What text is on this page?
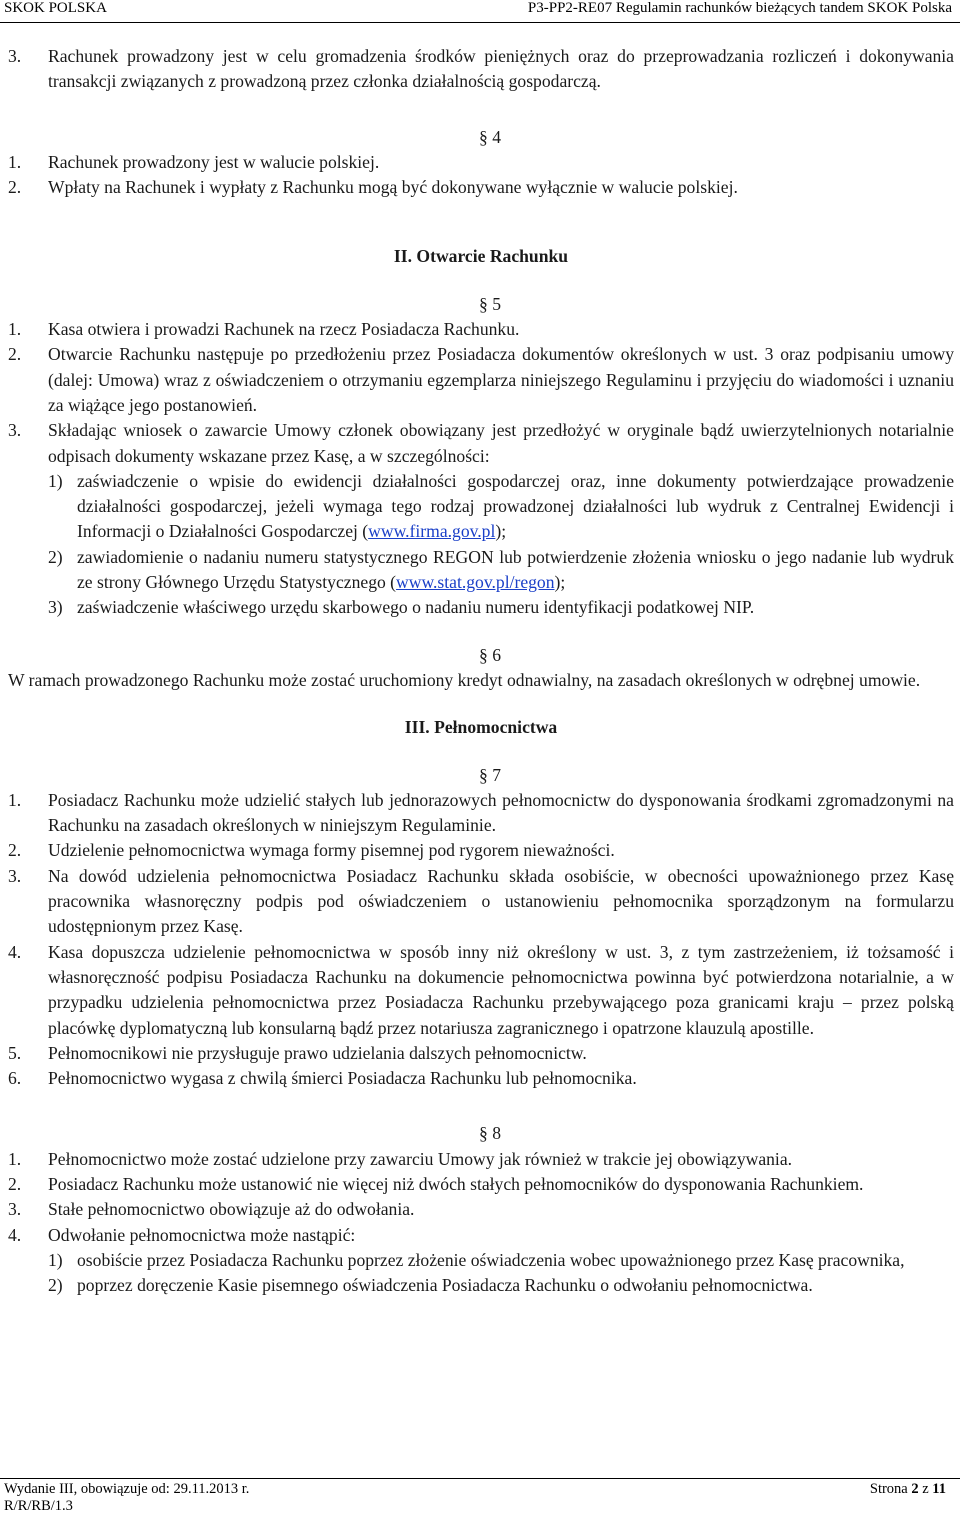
SKOK POLSKA	P3-PP2-RE07 Regulamin rachunków bieżących tandem SKOK Polska
3. Rachunek prowadzony jest w celu gromadzenia środków pieniężnych oraz do przeprowadzania rozliczeń i dokonywania transakcji związanych z prowadzoną przez członka działalnością gospodarczą.
§ 4
1. Rachunek prowadzony jest w walucie polskiej.
2. Wpłaty na Rachunek i wypłaty z Rachunku mogą być dokonywane wyłącznie w walucie polskiej.
II. Otwarcie Rachunku
§ 5
1. Kasa otwiera i prowadzi Rachunek na rzecz Posiadacza Rachunku.
2. Otwarcie Rachunku następuje po przedłożeniu przez Posiadacza dokumentów określonych w ust. 3 oraz podpisaniu umowy (dalej: Umowa) wraz z oświadczeniem o otrzymaniu egzemplarza niniejszego Regulaminu i przyjęciu do wiadomości i uznaniu za wiążące jego postanowień.
3. Składając wniosek o zawarcie Umowy członek obowiązany jest przedłożyć w oryginale bądź uwierzytelnionych notarialnie odpisach dokumenty wskazane przez Kasę, a w szczególności:
1) zaświadczenie o wpisie do ewidencji działalności gospodarczej oraz, inne dokumenty potwierdzające prowadzenie działalności gospodarczej, jeżeli wymaga tego rodzaj prowadzonej działalności lub wydruk z Centralnej Ewidencji i Informacji o Działalności Gospodarczej (www.firma.gov.pl);
2) zawiadomienie o nadaniu numeru statystycznego REGON lub potwierdzenie złożenia wniosku o jego nadanie lub wydruk ze strony Głównego Urzędu Statystycznego (www.stat.gov.pl/regon);
3) zaświadczenie właściwego urzędu skarbowego o nadaniu numeru identyfikacji podatkowej NIP.
§ 6
W ramach prowadzonego Rachunku może zostać uruchomiony kredyt odnawialny, na zasadach określonych w odrębnej umowie.
III. Pełnomocnictwa
§ 7
1. Posiadacz Rachunku może udzielić stałych lub jednorazowych pełnomocnictw do dysponowania środkami zgromadzonymi na Rachunku na zasadach określonych w niniejszym Regulaminie.
2. Udzielenie pełnomocnictwa wymaga formy pisemnej pod rygorem nieważności.
3. Na dowód udzielenia pełnomocnictwa Posiadacz Rachunku składa osobiście, w obecności upoważnionego przez Kasę pracownika własnoręczny podpis pod oświadczeniem o ustanowieniu pełnomocnika sporządzonym na formularzu udostępnionym przez Kasę.
4. Kasa dopuszcza udzielenie pełnomocnictwa w sposób inny niż określony w ust. 3, z tym zastrzeżeniem, iż tożsamość i własnoręczność podpisu Posiadacza Rachunku na dokumencie pełnomocnictwa powinna być potwierdzona notarialnie, a w przypadku udzielenia pełnomocnictwa przez Posiadacza Rachunku przebywającego poza granicami kraju – przez polską placówkę dyplomatyczną lub konsularną bądź przez notariusza zagranicznego i opatrzone klauzulą apostille.
5. Pełnomocnikowi nie przysługuje prawo udzielania dalszych pełnomocnictw.
6. Pełnomocnictwo wygasa z chwilą śmierci Posiadacza Rachunku lub pełnomocnika.
§ 8
1. Pełnomocnictwo może zostać udzielone przy zawarciu Umowy jak również w trakcie jej obowiązywania.
2. Posiadacz Rachunku może ustanowić nie więcej niż dwóch stałych pełnomocników do dysponowania Rachunkiem.
3. Stałe pełnomocnictwo obowiązuje aż do odwołania.
4. Odwołanie pełnomocnictwa może nastąpić:
1) osobiście przez Posiadacza Rachunku poprzez złożenie oświadczenia wobec upoważnionego przez Kasę pracownika,
2) poprzez doręczenie Kasie pisemnego oświadczenia Posiadacza Rachunku o odwołaniu pełnomocnictwa.
Wydanie III, obowiązuje od: 29.11.2013 r.	Strona 2 z 11
R/R/RB/1.3
